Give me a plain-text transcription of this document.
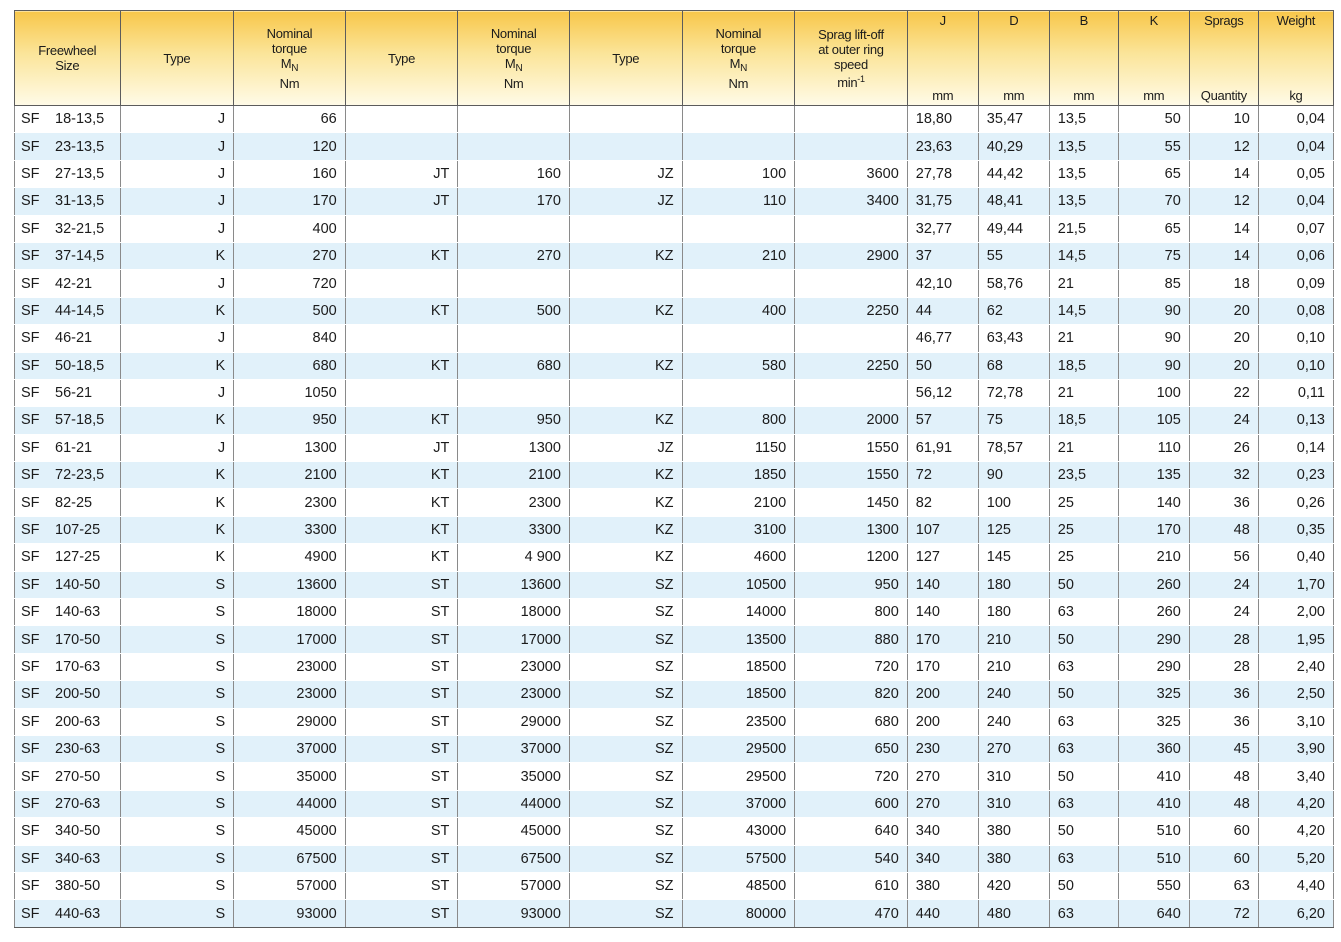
Freewheel
Size	Type	Nominal
torque
$M_N$
Nm	Type	Nominal
torque
$M_N$
Nm	Type	Nominal
torque
$M_N$
Nm	Sprag lift-off
at outer ring
speed
$\min^{-1}$	J
mm	D
mm	B
mm	K
mm	Sprags
Quantity	Weight
kg

SF 18-13,5	J	66						18,80	35,47	13,5	50	10	0,04
SF 23-13,5	J	120						23,63	40,29	13,5	55	12	0,04
SF 27-13,5	J	160	JT	160	JZ	100	3600	27,78	44,42	13,5	65	14	0,05
SF 31-13,5	J	170	JT	170	JZ	110	3400	31,75	48,41	13,5	70	12	0,04
SF 32-21,5	J	400						32,77	49,44	21,5	65	14	0,07
SF 37-14,5	K	270	KT	270	KZ	210	2900	37	55	14,5	75	14	0,06
SF 42-21	J	720						42,10	58,76	21	85	18	0,09
SF 44-14,5	K	500	KT	500	KZ	400	2250	44	62	14,5	90	20	0,08
SF 46-21	J	840						46,77	63,43	21	90	20	0,10
SF 50-18,5	K	680	KT	680	KZ	580	2250	50	68	18,5	90	20	0,10
SF 56-21	J	1050						56,12	72,78	21	100	22	0,11
SF 57-18,5	K	950	KT	950	KZ	800	2000	57	75	18,5	105	24	0,13
SF 61-21	J	1300	JT	1300	JZ	1150	1550	61,91	78,57	21	110	26	0,14
SF 72-23,5	K	2100	KT	2100	KZ	1850	1550	72	90	23,5	135	32	0,23
SF 82-25	K	2300	KT	2300	KZ	2100	1450	82	100	25	140	36	0,26
SF 107-25	K	3300	KT	3300	KZ	3100	1300	107	125	25	170	48	0,35
SF 127-25	K	4900	KT	4 900	KZ	4600	1200	127	145	25	210	56	0,40
SF 140-50	S	13600	ST	13600	SZ	10500	950	140	180	50	260	24	1,70
SF 140-63	S	18000	ST	18000	SZ	14000	800	140	180	63	260	24	2,00
SF 170-50	S	17000	ST	17000	SZ	13500	880	170	210	50	290	28	1,95
SF 170-63	S	23000	ST	23000	SZ	18500	720	170	210	63	290	28	2,40
SF 200-50	S	23000	ST	23000	SZ	18500	820	200	240	50	325	36	2,50
SF 200-63	S	29000	ST	29000	SZ	23500	680	200	240	63	325	36	3,10
SF 230-63	S	37000	ST	37000	SZ	29500	650	230	270	63	360	45	3,90
SF 270-50	S	35000	ST	35000	SZ	29500	720	270	310	50	410	48	3,40
SF 270-63	S	44000	ST	44000	SZ	37000	600	270	310	63	410	48	4,20
SF 340-50	S	45000	ST	45000	SZ	43000	640	340	380	50	510	60	4,20
SF 340-63	S	67500	ST	67500	SZ	57500	540	340	380	63	510	60	5,20
SF 380-50	S	57000	ST	57000	SZ	48500	610	380	420	50	550	63	4,40
SF 440-63	S	93000	ST	93000	SZ	80000	470	440	480	63	640	72	6,20
